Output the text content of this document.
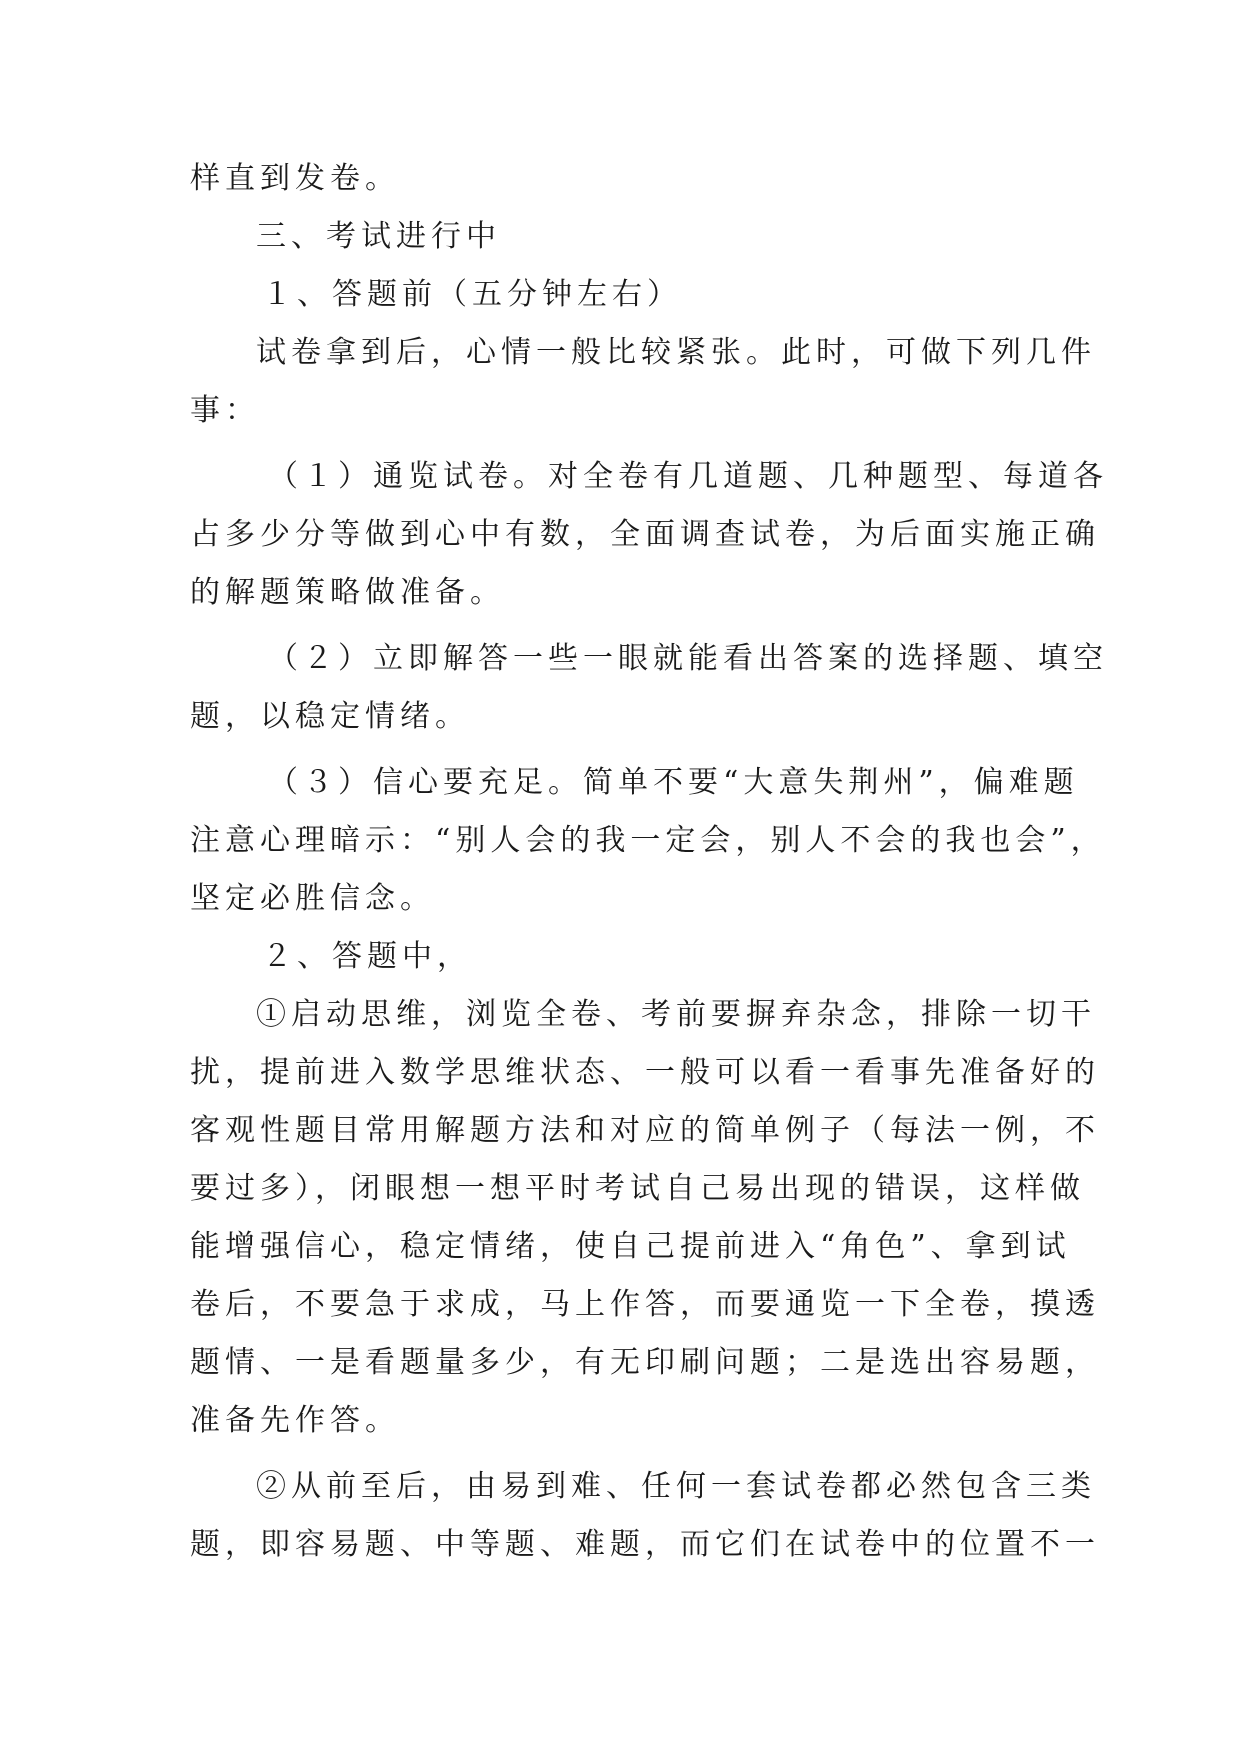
样直到发卷。
三、考试进行中
１、答题前（五分钟左右）
试卷拿到后，心情一般比较紧张。此时，可做下列几件
事：
（１）通览试卷。对全卷有几道题、几种题型、每道各
占多少分等做到心中有数，全面调查试卷，为后面实施正确
的解题策略做准备。
（２）立即解答一些一眼就能看出答案的选择题、填空
题，以稳定情绪。
（３）信心要充足。简单不要“大意失荆州”，偏难题
注意心理暗示：“别人会的我一定会，别人不会的我也会”，
坚定必胜信念。
２、答题中，
①启动思维，浏览全卷、考前要摒弃杂念，排除一切干
扰，提前进入数学思维状态、一般可以看一看事先准备好的
客观性题目常用解题方法和对应的简单例子（每法一例，不
要过多），闭眼想一想平时考试自己易出现的错误，这样做
能增强信心，稳定情绪，使自己提前进入“角色”、拿到试
卷后，不要急于求成，马上作答，而要通览一下全卷，摸透
题情、一是看题量多少，有无印刷问题；二是选出容易题，
准备先作答。
②从前至后，由易到难、任何一套试卷都必然包含三类
题，即容易题、中等题、难题，而它们在试卷中的位置不一
